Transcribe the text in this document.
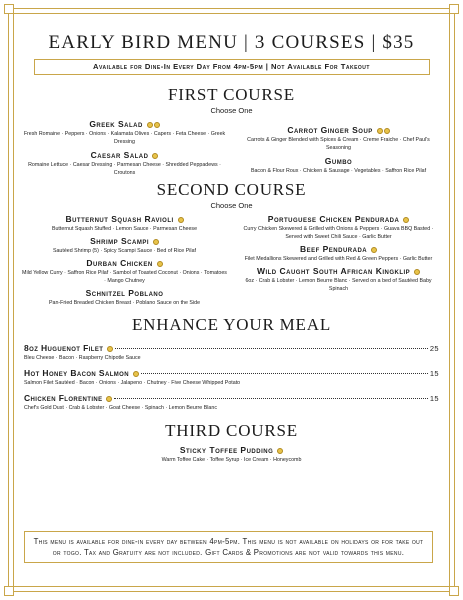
EARLY BIRD MENU | 3 COURSES | $35
Available for Dine-In Every Day From 4pm-5pm | Not Available For Takeout
FIRST COURSE
Choose One
Greek Salad
Fresh Romaine · Peppers · Onions · Kalamata Olives · Capers · Feta Cheese · Greek Dressing
Caesar Salad
Romaine Lettuce · Caesar Dressing · Parmesan Cheese · Shredded Peppadews · Croutons
Carrot Ginger Soup
Carrots & Ginger Blended with Spices & Cream · Creme Fraiche · Chef Paul's Seasoning
Gumbo
Bacon & Flour Roux · Chicken & Sausage · Vegetables · Saffron Rice Pilaf
SECOND COURSE
Choose One
Butternut Squash Ravioli
Butternut Squash Stuffed · Lemon Sauce · Parmesan Cheese
Shrimp Scampi
Sautéed Shrimp (5) · Spicy Scampi Sauce · Bed of Rice Pilaf
Durban Chicken
Mild Yellow Curry · Saffron Rice Pilaf · Sambol of Toasted Coconut · Onions · Tomatoes · Mango Chutney
Schnitzel Poblano
Pan-Fried Breaded Chicken Breast · Poblano Sauce on the Side
Portuguese Chicken Pendurada
Curry Chicken Skewered & Grilled with Onions & Peppers · Guava BBQ Basted · Served with Sweet Chili Sauce · Garlic Butter
Beef Pendurada
Filet Medallions Skewered and Grilled with Red & Green Peppers · Garlic Butter
Wild Caught South African Kingklip
6oz · Crab & Lobster · Lemon Beurre Blanc · Served on a bed of Sautéed Baby Spinach
ENHANCE YOUR MEAL
8oz Huguenot Filet	25
Bleu Cheese · Bacon · Raspberry Chipotle Sauce
Hot Honey Bacon Salmon	15
Salmon Filet Sautéed · Bacon · Onions · Jalapeno · Chutney · Five Cheese Whipped Potato
Chicken Florentine	15
Chef's Gold Dust · Crab & Lobster · Goat Cheese · Spinach · Lemon Beurre Blanc
THIRD COURSE
Sticky Toffee Pudding
Warm Toffee Cake · Toffee Syrup · Ice Cream · Honeycomb
This menu is available for dine-in every day between 4pm-5pm. This menu is not available on holidays or for take out or togo. Tax and Gratuity are not included. Gift Cards & Promotions are not valid towards this menu.
